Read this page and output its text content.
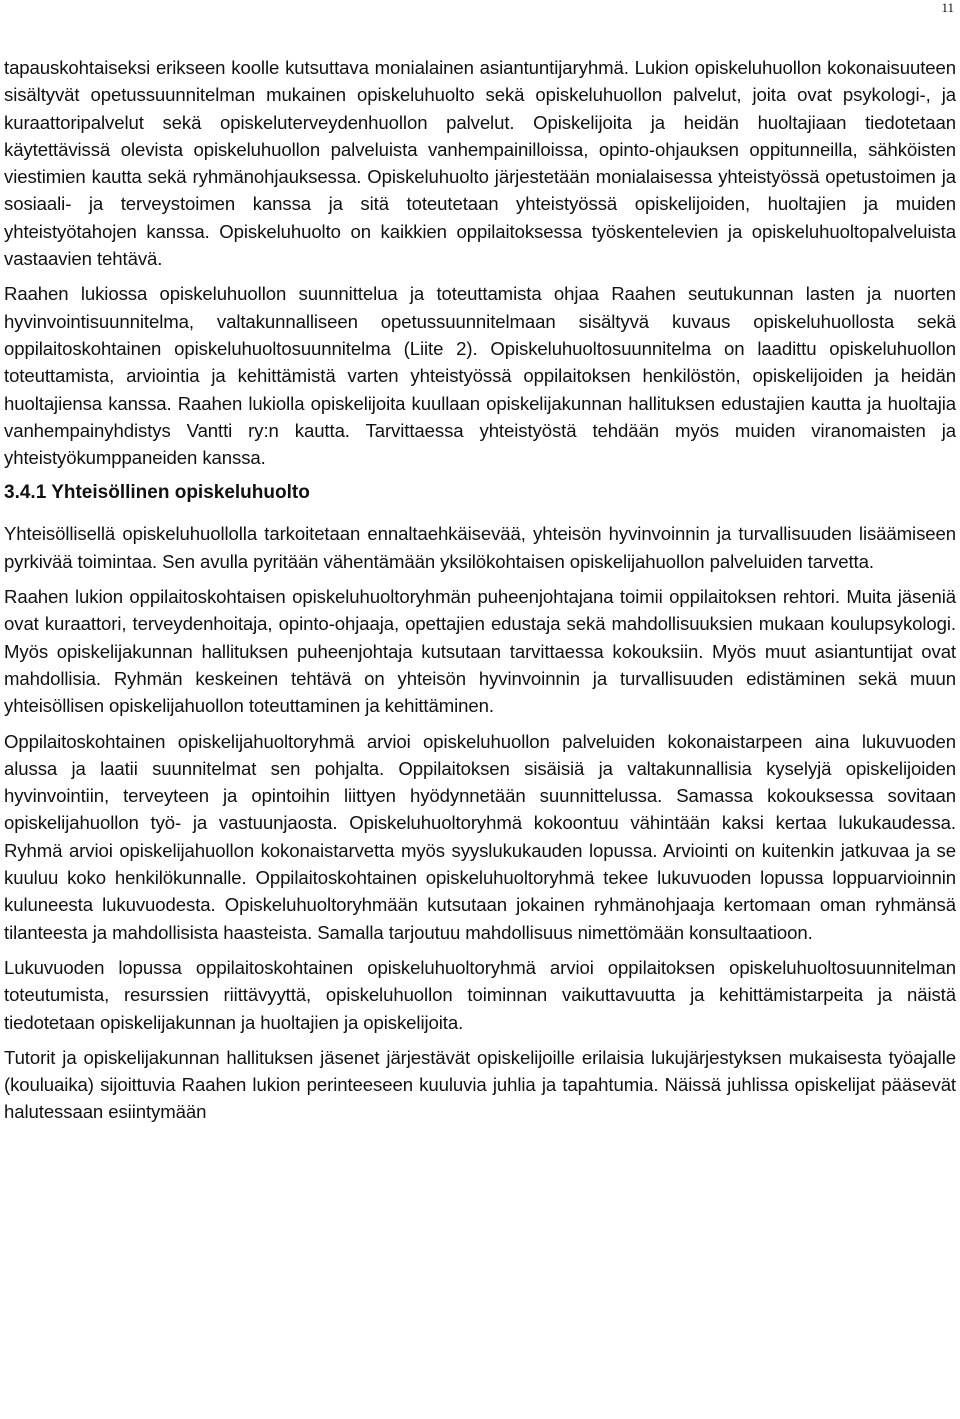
11

tapauskohtaiseksi erikseen koolle kutsuttava monialainen asiantuntijaryhmä. Lukion opiskeluhuollon kokonaisuuteen sisältyvät opetussuunnitelman mukainen opiskeluhuolto sekä opiskeluhuollon palvelut, joita ovat psykologi-, ja kuraattoripalvelut sekä opiskeluterveydenhuollon palvelut. Opiskelijoita ja heidän huoltajiaan tiedotetaan käytettävissä olevista opiskeluhuollon palveluista vanhempainilloissa, opinto-ohjauksen oppitunneilla, sähköisten viestimien kautta sekä ryhmänohjauksessa. Opiskeluhuolto järjestetään monialaisessa yhteistyössä opetustoimen ja sosiaali- ja terveystoimen kanssa ja sitä toteutetaan yhteistyössä opiskelijoiden, huoltajien ja muiden yhteistyötahojen kanssa. Opiskeluhuolto on kaikkien oppilaitoksessa työskentelevien ja opiskeluhuoltopalveluista vastaavien tehtävä.

Raahen lukiossa opiskeluhuollon suunnittelua ja toteuttamista ohjaa Raahen seutukunnan lasten ja nuorten hyvinvointisuunnitelma, valtakunnalliseen opetussuunnitelmaan sisältyvä kuvaus opiskeluhuollosta sekä oppilaitoskohtainen opiskeluhuoltosuunnitelma (Liite 2). Opiskeluhuoltosuunnitelma on laadittu opiskeluhuollon toteuttamista, arviointia ja kehittämistä varten yhteistyössä oppilaitoksen henkilöstön, opiskelijoiden ja heidän huoltajiensa kanssa. Raahen lukiolla opiskelijoita kuullaan opiskelijakunnan hallituksen edustajien kautta ja huoltajia vanhempainyhdistys Vantti ry:n kautta. Tarvittaessa yhteistyöstä tehdään myös muiden viranomaisten ja yhteistyökumppaneiden kanssa.

3.4.1 Yhteisöllinen opiskeluhuolto

Yhteisöllisellä opiskeluhuollolla tarkoitetaan ennaltaehkäisevää, yhteisön hyvinvoinnin ja turvallisuuden lisäämiseen pyrkivää toimintaa. Sen avulla pyritään vähentämään yksilökohtaisen opiskelijahuollon palveluiden tarvetta.

Raahen lukion oppilaitoskohtaisen opiskeluhuoltoryhmän puheenjohtajana toimii oppilaitoksen rehtori. Muita jäseniä ovat kuraattori, terveydenhoitaja, opinto-ohjaaja, opettajien edustaja sekä mahdollisuuksien mukaan koulupsykologi. Myös opiskelijakunnan hallituksen puheenjohtaja kutsutaan tarvittaessa kokouksiin. Myös muut asiantuntijat ovat mahdollisia. Ryhmän keskeinen tehtävä on yhteisön hyvinvoinnin ja turvallisuuden edistäminen sekä muun yhteisöllisen opiskelijahuollon toteuttaminen ja kehittäminen.

Oppilaitoskohtainen opiskelijahuoltoryhmä arvioi opiskeluhuollon palveluiden kokonaistarpeen aina lukuvuoden alussa ja laatii suunnitelmat sen pohjalta. Oppilaitoksen sisäisiä ja valtakunnallisia kyselyjä opiskelijoiden hyvinvointiin, terveyteen ja opintoihin liittyen hyödynnetään suunnittelussa. Samassa kokouksessa sovitaan opiskelijahuollon työ- ja vastuunjaosta. Opiskeluhuoltoryhmä kokoontuu vähintään kaksi kertaa lukukaudessa. Ryhmä arvioi opiskelijahuollon kokonaistarvetta myös syyslukukauden lopussa. Arviointi on kuitenkin jatkuvaa ja se kuuluu koko henkilökunnalle. Oppilaitoskohtainen opiskeluhuoltoryhmä tekee lukuvuoden lopussa loppuarvioinnin kuluneesta lukuvuodesta. Opiskeluhuoltoryhmään kutsutaan jokainen ryhmänohjaaja kertomaan oman ryhmänsä tilanteesta ja mahdollisista haasteista. Samalla tarjoutuu mahdollisuus nimettömään konsultaatioon.

Lukuvuoden lopussa oppilaitoskohtainen opiskeluhuoltoryhmä arvioi oppilaitoksen opiskeluhuoltosuunnitelman toteutumista, resurssien riittävyyttä, opiskeluhuollon toiminnan vaikuttavuutta ja kehittämistarpeita ja näistä tiedotetaan opiskelijakunnan ja huoltajien ja opiskelijoita.

Tutorit ja opiskelijakunnan hallituksen jäsenet järjestävät opiskelijoille erilaisia lukujärjestyksen mukaisesta työajalle (kouluaika) sijoittuvia Raahen lukion perinteeseen kuuluvia juhlia ja tapahtumia. Näissä juhlissa opiskelijat pääsevät halutessaan esiintymään
